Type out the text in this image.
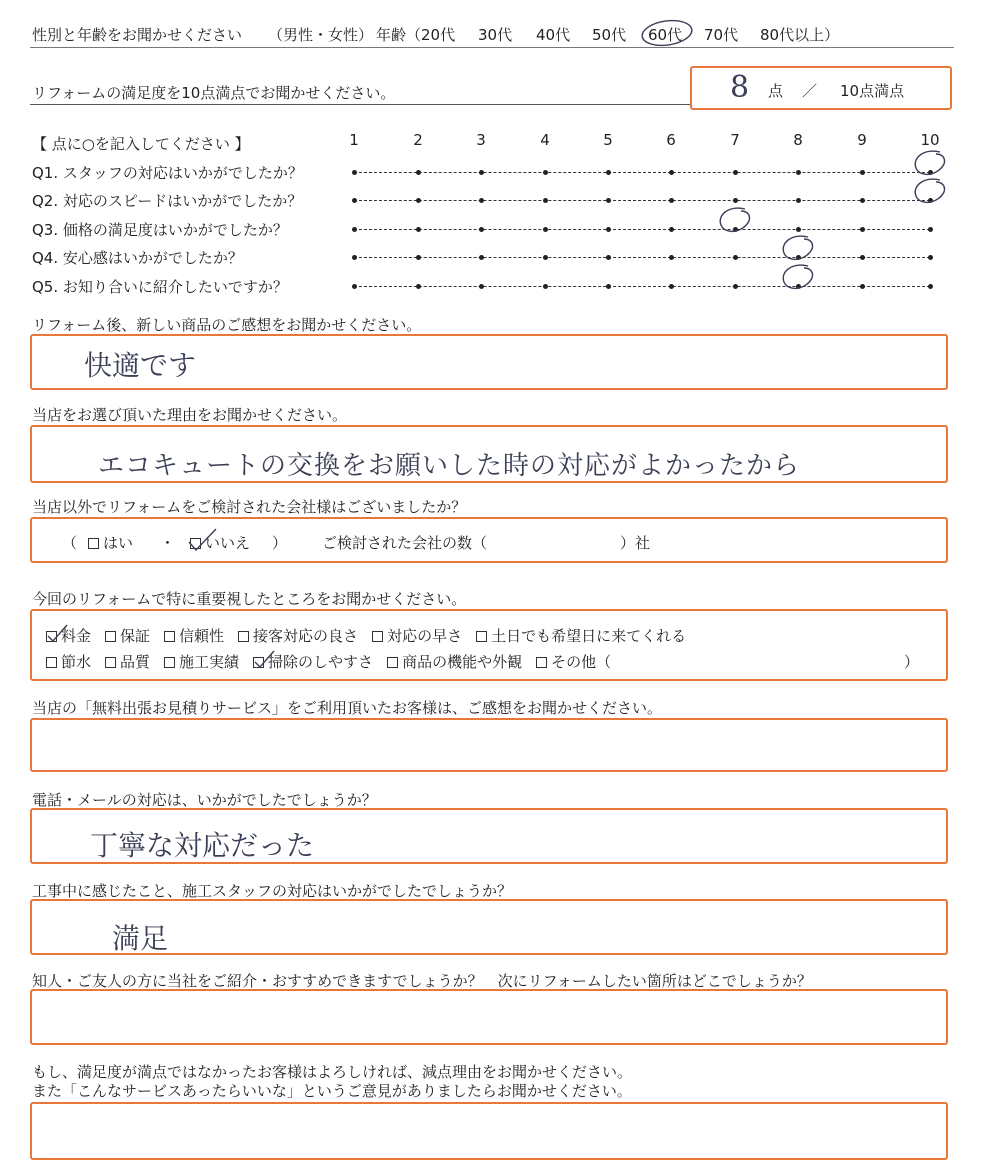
性別と年齢をお聞かせください （男性・女性） 年齢（20代 30代 40代 50代 60代 70代 80代以上）
リフォームの満足度を10点満点でお聞かせください。	8 点 ／ 10点満点
【 点に○を記入してください 】	1	2	3	4	5	6	7	8	9	10
Q1. スタッフの対応はいかがでしたか？
Q2. 対応のスピードはいかがでしたか？
Q3. 価格の満足度はいかがでしたか？
Q4. 安心感はいかがでしたか？
Q5. お知り合いに紹介したいですか？
リフォーム後、新しい商品のご感想をお聞かせください。
快適です
当店をお選び頂いた理由をお聞かせください。
エコキュートの交換をお願いした時の対応がよかったから
当店以外でリフォームをご検討された会社様はございましたか？
（	はい ・	いいえ ） ご検討された会社の数（	）社
今回のリフォームで特に重要視したところをお聞かせください。
料金 保証 信頼性 接客対応の良さ 対応の早さ 土日でも希望日に来てくれる
節水 品質 施工実績 掃除のしやすさ 商品の機能や外観 その他（	）
当店の「無料出張お見積りサービス」をご利用頂いたお客様は、ご感想をお聞かせください。
電話・メールの対応は、いかがでしたでしょうか？
丁寧な対応だった
工事中に感じたこと、施工スタッフの対応はいかがでしたでしょうか？
満足
知人・ご友人の方に当社をご紹介・おすすめできますでしょうか？　次にリフォームしたい箇所はどこでしょうか？
もし、満足度が満点ではなかったお客様はよろしければ、減点理由をお聞かせください。
また「こんなサービスあったらいいな」というご意見がありましたらお聞かせください。
